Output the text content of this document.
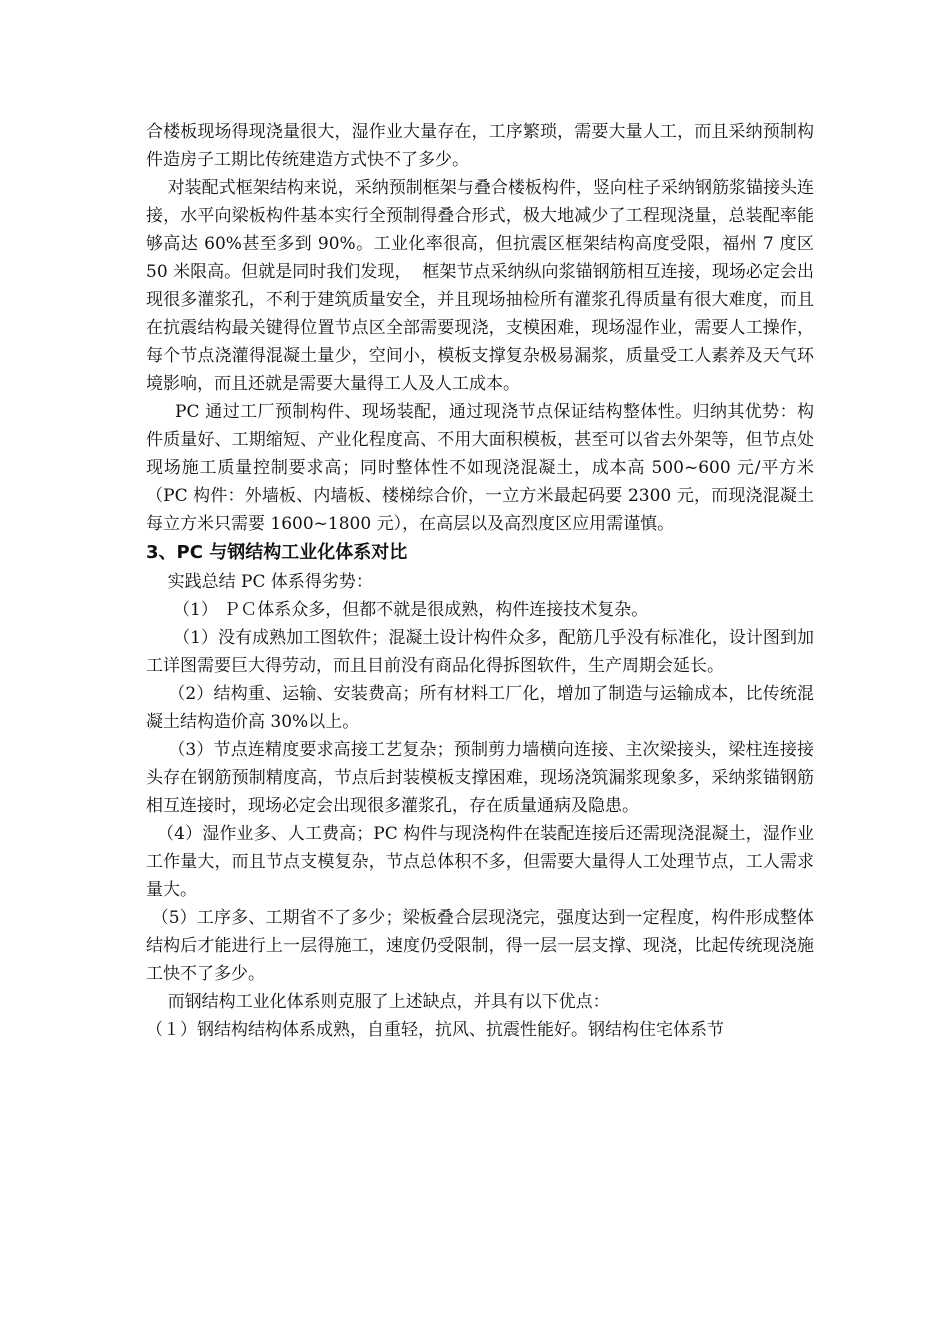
合楼板现场得现浇量很大，湿作业大量存在，工序繁琐，需要大量人工，而且采纳预制构件造房子工期比传统建造方式快不了多少。

对装配式框架结构来说，采纳预制框架与叠合楼板构件，竖向柱子采纳钢筋浆锚接头连接，水平向梁板构件基本实行全预制得叠合形式，极大地减少了工程现浇量，总装配率能够高达 60%甚至多到 90%。工业化率很高，但抗震区框架结构高度受限，福州 7 度区 50 米限高。但就是同时我们发现，  框架节点采纳纵向浆锚钢筋相互连接，现场必定会出现很多灌浆孔，不利于建筑质量安全，并且现场抽检所有灌浆孔得质量有很大难度，而且在抗震结构最关键得位置节点区全部需要现浇，支模困难，现场湿作业，需要人工操作，每个节点浇灌得混凝土量少，空间小，模板支撑复杂极易漏浆，质量受工人素养及天气环境影响，而且还就是需要大量得工人及人工成本。

PC 通过工厂预制构件、现场装配，通过现浇节点保证结构整体性。归纳其优势：构件质量好、工期缩短、产业化程度高、不用大面积模板，甚至可以省去外架等，但节点处现场施工质量控制要求高；同时整体性不如现浇混凝土，成本高 500~600 元/平方米（PC 构件：外墙板、内墙板、楼梯综合价，一立方米最起码要 2300 元，而现浇混凝土每立方米只需要 1600~1800 元），在高层以及高烈度区应用需谨慎。

3、PC 与钢结构工业化体系对比

实践总结 PC 体系得劣势：

（1） ＰＣ体系众多，但都不就是很成熟，构件连接技术复杂。

（1）没有成熟加工图软件；混凝土设计构件众多，配筋几乎没有标准化，设计图到加工详图需要巨大得劳动，而且目前没有商品化得拆图软件，生产周期会延长。

（2）结构重、运输、安装费高；所有材料工厂化，增加了制造与运输成本，比传统混凝土结构造价高 30%以上。

（3）节点连精度要求高接工艺复杂；预制剪力墙横向连接、主次梁接头，梁柱连接接头存在钢筋预制精度高，节点后封装模板支撑困难，现场浇筑漏浆现象多，采纳浆锚钢筋相互连接时，现场必定会出现很多灌浆孔，存在质量通病及隐患。

（4）湿作业多、人工费高；PC 构件与现浇构件在装配连接后还需现浇混凝土，湿作业工作量大，而且节点支模复杂，节点总体积不多，但需要大量得人工处理节点，工人需求量大。

（5）工序多、工期省不了多少；梁板叠合层现浇完，强度达到一定程度，构件形成整体结构后才能进行上一层得施工，速度仍受限制，得一层一层支撑、现浇，比起传统现浇施工快不了多少。

而钢结构工业化体系则克服了上述缺点，并具有以下优点：

（１）钢结构结构体系成熟，自重轻，抗风、抗震性能好。钢结构住宅体系节
